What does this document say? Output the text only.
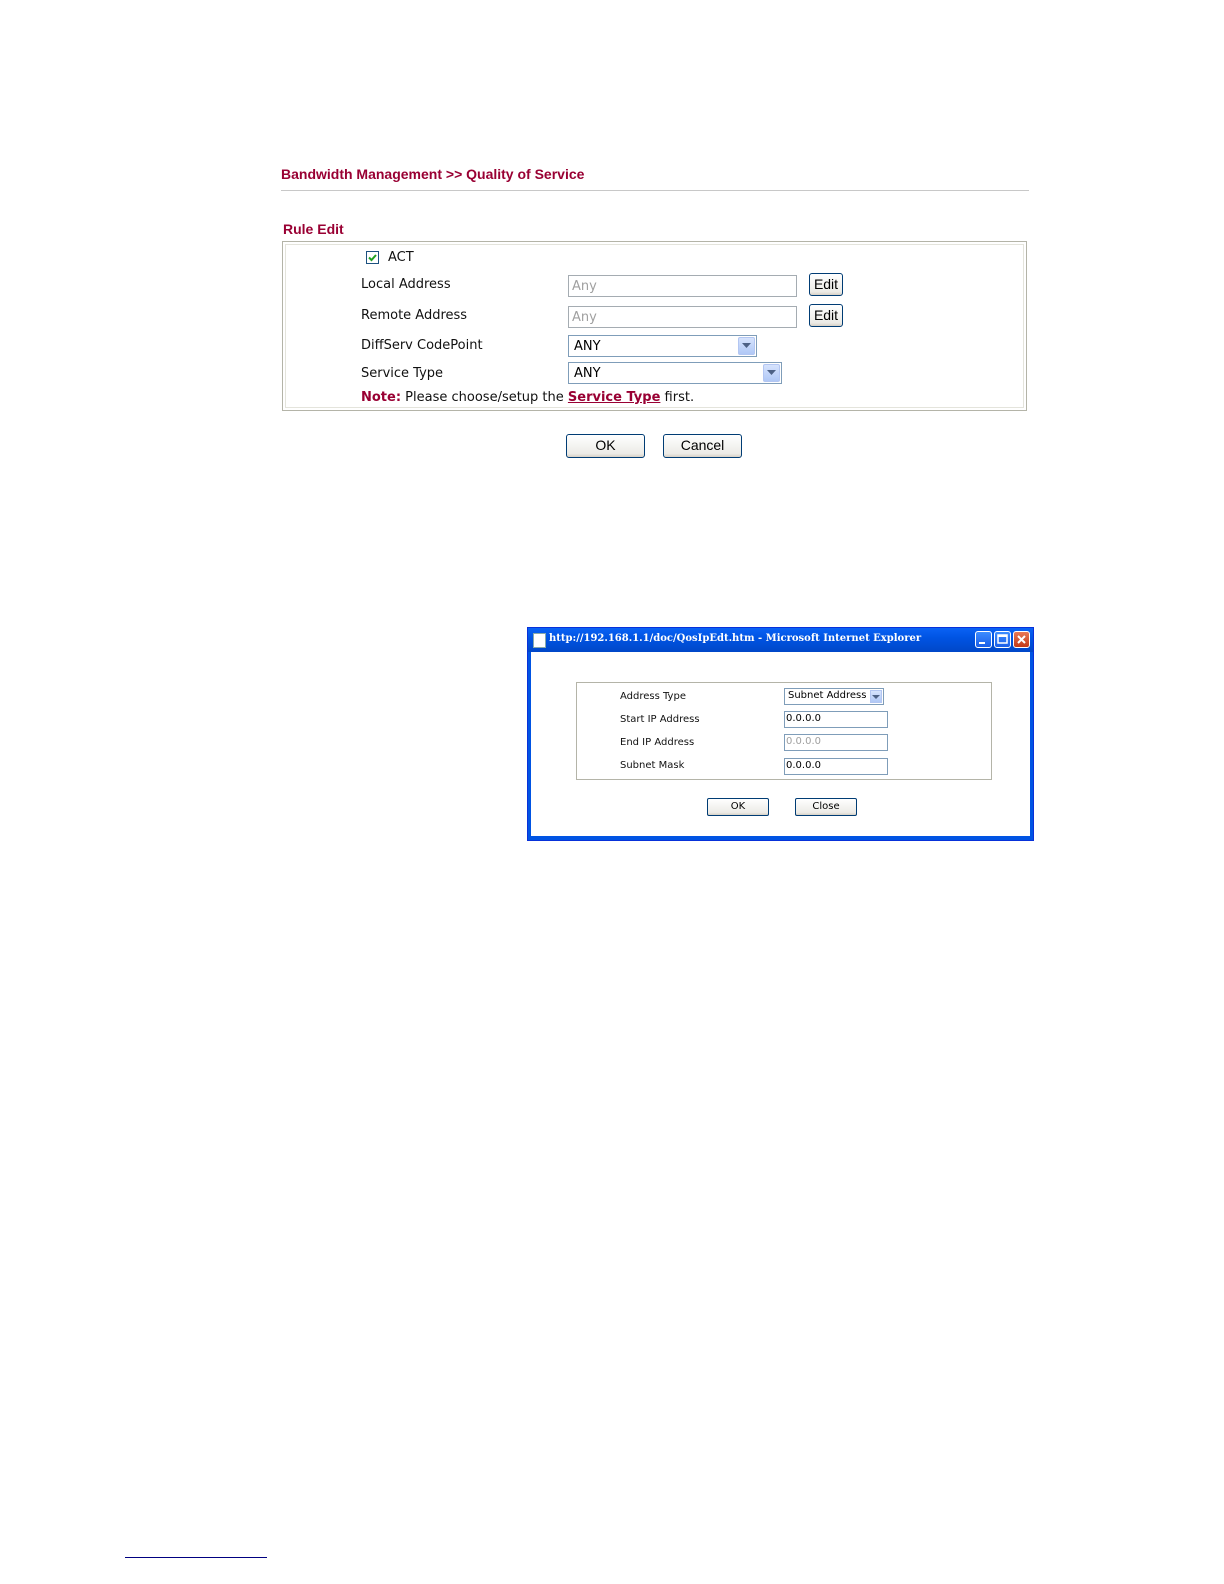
Bandwidth Management >> Quality of Service
Rule Edit
ACT
Local Address	Any	Edit
Remote Address	Any	Edit
DiffServ CodePoint	ANY
Service Type	ANY
Note: Please choose/setup the Service Type first.
OK	Cancel
http://192.168.1.1/doc/QosIpEdt.htm - Microsoft Internet Explorer
Address Type	Subnet Address
Start IP Address	0.0.0.0
End IP Address	0.0.0.0
Subnet Mask	0.0.0.0
OK	Close
